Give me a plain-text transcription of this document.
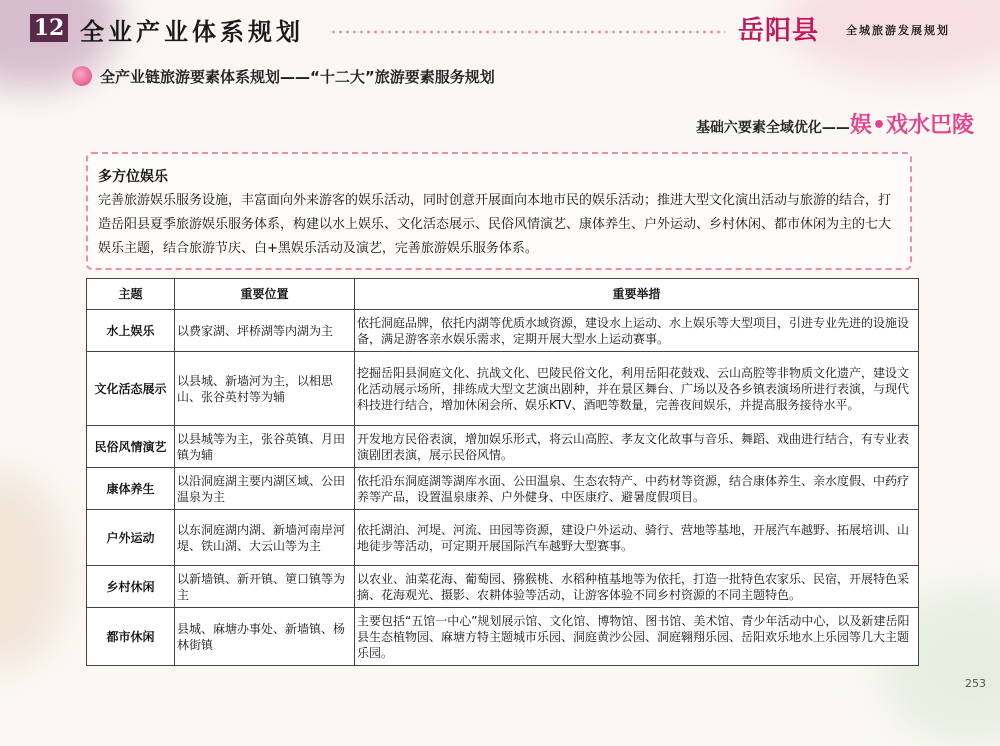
12 全业产业体系规划	岳阳县 全城旅游发展规划
全产业链旅游要素体系规划——“十二大”旅游要素服务规划
基础六要素全域优化——娱•戏水巴陵
多方位娱乐
完善旅游娱乐服务设施，丰富面向外来游客的娱乐活动，同时创意开展面向本地市民的娱乐活动；推进大型文化演出活动与旅游的结合，打造岳阳县夏季旅游娱乐服务体系，构建以水上娱乐、文化活态展示、民俗风情演艺、康体养生、户外运动、乡村休闲、都市休闲为主的七大娱乐主题，结合旅游节庆、白+黑娱乐活动及演艺，完善旅游娱乐服务体系。
主题	重要位置	重要举措
水上娱乐	以费家湖、坪桥湖等内湖为主	依托洞庭品牌，依托内湖等优质水域资源，建设水上运动、水上娱乐等大型项目，引进专业先进的设施设备，满足游客亲水娱乐需求，定期开展大型水上运动赛事。
文化活态展示	以县城、新墙河为主，以相思山、张谷英村等为辅	挖掘岳阳县洞庭文化、抗战文化、巴陵民俗文化，利用岳阳花鼓戏、云山高腔等非物质文化遗产，建设文化活动展示场所，排练成大型文艺演出剧种，并在景区舞台、广场以及各乡镇表演场所进行表演，与现代科技进行结合，增加休闲会所、娱乐KTV、酒吧等数量，完善夜间娱乐，并提高服务接待水平。
民俗风情演艺	以县城等为主，张谷英镇、月田镇为辅	开发地方民俗表演，增加娱乐形式，将云山高腔、孝友文化故事与音乐、舞蹈、戏曲进行结合，有专业表演剧团表演，展示民俗风情。
康体养生	以沿洞庭湖主要内湖区域、公田温泉为主	依托沿东洞庭湖等湖库水面、公田温泉、生态农特产、中药材等资源，结合康体养生、亲水度假、中药疗养等产品，设置温泉康养、户外健身、中医康疗、避暑度假项目。
户外运动	以东洞庭湖内湖、新墙河南岸河堤、铁山湖、大云山等为主	依托湖泊、河堤、河流、田园等资源，建设户外运动、骑行、营地等基地，开展汽车越野、拓展培训、山地徒步等活动，可定期开展国际汽车越野大型赛事。
乡村休闲	以新墙镇、新开镇、筻口镇等为主	以农业、油菜花海、葡萄园、猕猴桃、水稻种植基地等为依托，打造一批特色农家乐、民宿，开展特色采摘、花海观光、摄影、农耕体验等活动，让游客体验不同乡村资源的不同主题特色。
都市休闲	县城、麻塘办事处、新墙镇、杨林街镇	主要包括“五馆一中心”规划展示馆、文化馆、博物馆、图书馆、美术馆、青少年活动中心，以及新建岳阳县生态植物园、麻塘方特主题城市乐园、洞庭黄沙公园、洞庭翱翔乐园、岳阳欢乐地水上乐园等几大主题乐园。
253
